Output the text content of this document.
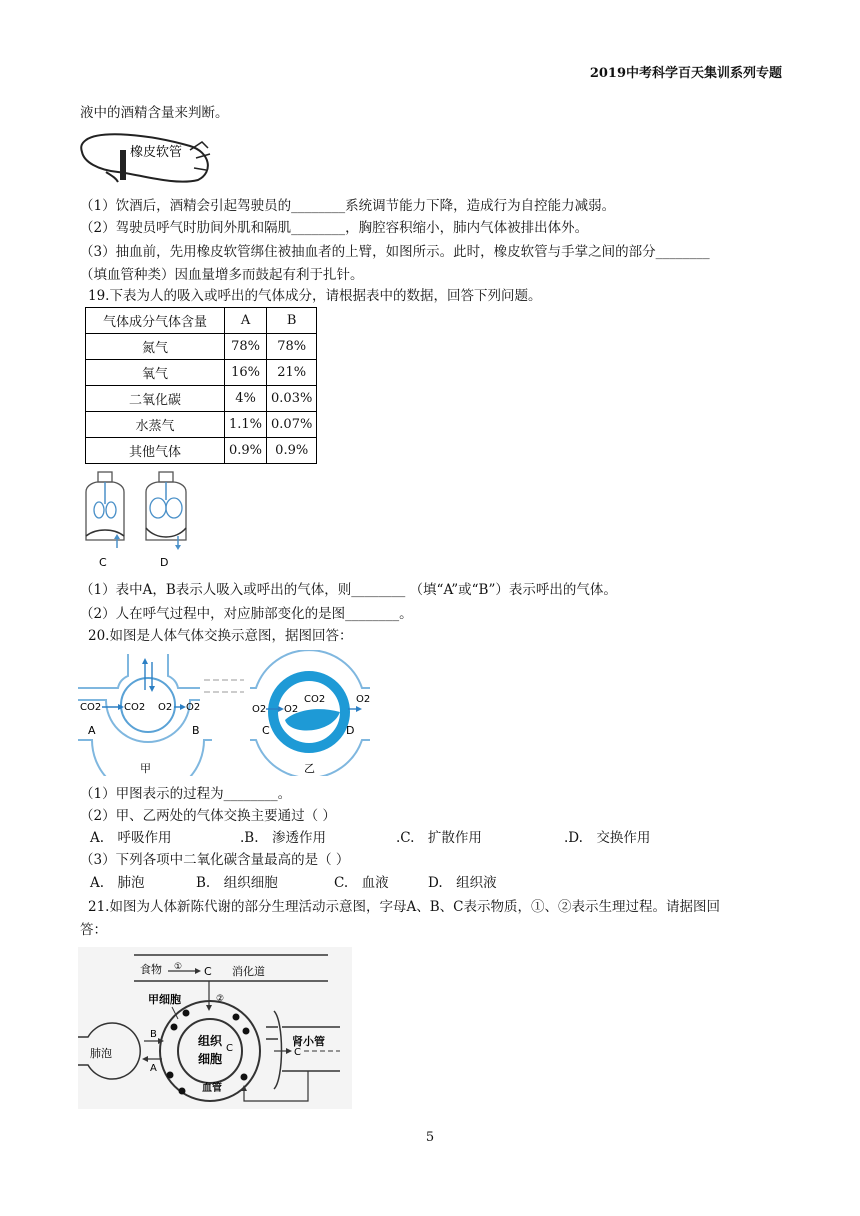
2019中考科学百天集训系列专题
液中的酒精含量来判断。
橡皮软管
（1）饮酒后，酒精会引起驾驶员的________系统调节能力下降，造成行为自控能力减弱。
（2）驾驶员呼气时肋间外肌和隔肌________，胸腔容积缩小，肺内气体被排出体外。
（3）抽血前，先用橡皮软管绑住被抽血者的上臂，如图所示。此时，橡皮软管与手掌之间的部分________
（填血管种类）因血量增多而鼓起有利于扎针。
19.下表为人的吸入或呼出的气体成分，请根据表中的数据，回答下列问题。
气体成分气体含量	A	B
氮气	78%	78%
氧气	16%	21%
二氧化碳	4%	0.03%
水蒸气	1.1%	0.07%
其他气体	0.9%	0.9%
C	D
（1）表中A，B表示人吸入或呼出的气体，则________ （填“A”或“B”）表示呼出的气体。
（2）人在呼气过程中，对应肺部变化的是图________。
20.如图是人体气体交换示意图，据图回答：
CO2 CO2 O2 O2
A	B
甲
O2 O2
CO2	O2
C	D
乙
（1）甲图表示的过程为________。
（2）甲、乙两处的气体交换主要通过（ ）
A.　呼吸作用	.B.　渗透作用	.C.　扩散作用	.D.　交换作用
（3）下列各项中二氧化碳含量最高的是（ ）
A.　肺泡	B.　组织细胞	C.　血液	D.　组织液
21.如图为人体新陈代谢的部分生理活动示意图，字母A、B、C表示物质，①、②表示生理过程。请据图回
答：
食物 ① C 消化道
②
甲细胞
组织
细胞
C
血管
肺泡
B
A
肾小管
C
5
